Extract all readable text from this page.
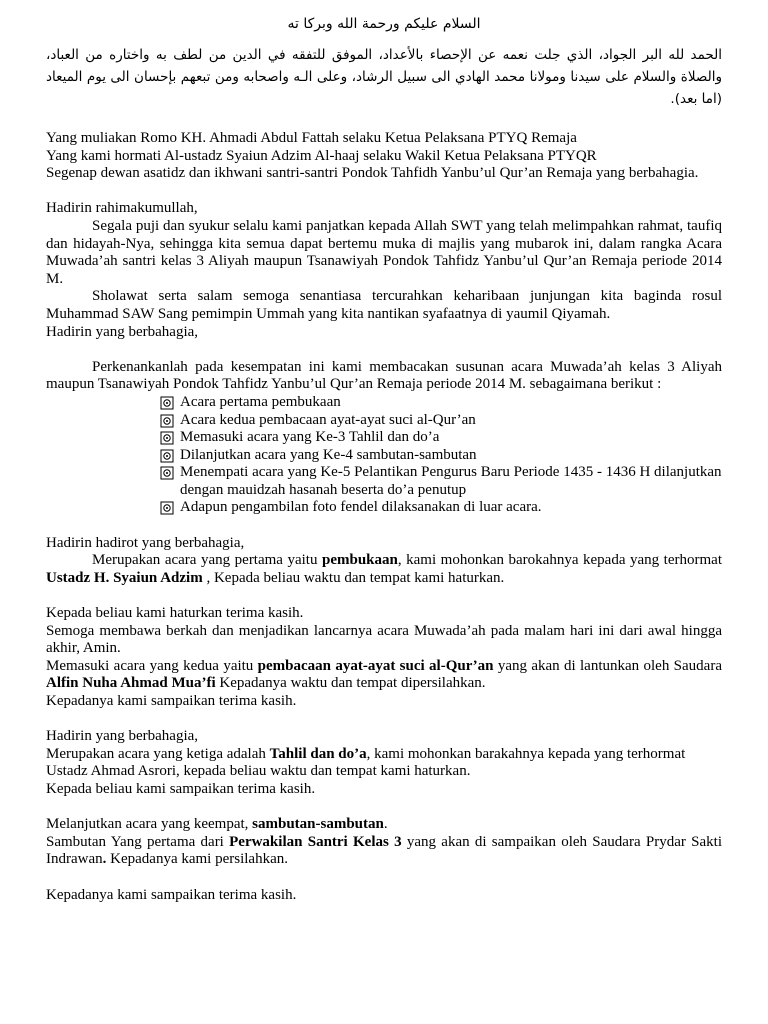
السلام عليكم ورحمة الله وبركا ته

الحمد لله البر الجواد، الذي جلت نعمه عن الإحصاء بالأعداد، الموفق للتفقه في الدين من لطف به واختاره من العباد، والصلاة والسلام على سيدنا ومولانا محمد الهادي الى سبيل الرشاد، وعلى الـه واصحابه ومن تبعهم بإحسان الى يوم الميعاد (اما بعد).

Yang muliakan Romo KH. Ahmadi Abdul Fattah selaku Ketua Pelaksana PTYQ Remaja

Yang kami hormati Al-ustadz Syaiun Adzim Al-haaj selaku Wakil Ketua Pelaksana PTYQR

Segenap dewan asatidz dan ikhwani santri-santri Pondok Tahfidh Yanbu’ul Qur’an Remaja yang berbahagia.

Hadirin rahimakumullah,

Segala puji dan syukur selalu kami panjatkan kepada Allah SWT yang telah melimpahkan rahmat, taufiq dan hidayah-Nya, sehingga kita semua dapat bertemu muka di majlis yang mubarok ini, dalam rangka Acara Muwada’ah santri kelas 3 Aliyah maupun Tsanawiyah Pondok Tahfidz Yanbu’ul Qur’an Remaja periode 2014 M.

Sholawat serta salam semoga senantiasa tercurahkan keharibaan junjungan kita baginda rosul Muhammad SAW Sang pemimpin Ummah yang kita nantikan syafaatnya di yaumil Qiyamah.

Hadirin yang berbahagia,

Perkenankanlah pada kesempatan ini kami membacakan susunan acara Muwada’ah kelas 3 Aliyah maupun Tsanawiyah Pondok Tahfidz Yanbu’ul Qur’an Remaja periode 2014 M. sebagaimana berikut :

Acara pertama pembukaan
Acara kedua pembacaan ayat-ayat suci al-Qur’an
Memasuki acara yang Ke-3 Tahlil dan do’a
Dilanjutkan acara yang Ke-4 sambutan-sambutan
Menempati acara yang Ke-5 Pelantikan Pengurus Baru Periode 1435 - 1436 H dilanjutkan dengan mauidzah hasanah beserta do’a penutup
Adapun pengambilan foto fendel dilaksanakan di luar acara.

Hadirin hadirot yang berbahagia,

Merupakan acara yang pertama yaitu pembukaan, kami mohonkan barokahnya kepada yang terhormat Ustadz H. Syaiun Adzim , Kepada beliau waktu dan tempat kami haturkan.

Kepada beliau kami haturkan terima kasih.

Semoga membawa berkah dan menjadikan lancarnya acara Muwada’ah pada malam hari ini dari awal hingga akhir, Amin.

Memasuki acara yang kedua yaitu pembacaan ayat-ayat suci al-Qur’an yang akan di lantunkan oleh Saudara Alfin Nuha Ahmad Mua’fi Kepadanya waktu dan tempat dipersilahkan.

Kepadanya kami sampaikan terima kasih.

Hadirin yang berbahagia,

Merupakan acara yang ketiga adalah Tahlil dan do’a, kami mohonkan barakahnya kepada yang terhormat Ustadz Ahmad Asrori, kepada beliau waktu dan tempat kami haturkan.

Kepada beliau kami sampaikan terima kasih.

Melanjutkan acara yang keempat, sambutan-sambutan.

Sambutan Yang pertama dari Perwakilan Santri Kelas 3 yang akan di sampaikan oleh Saudara Prydar Sakti Indrawan. Kepadanya kami persilahkan.

Kepadanya kami sampaikan terima kasih.
